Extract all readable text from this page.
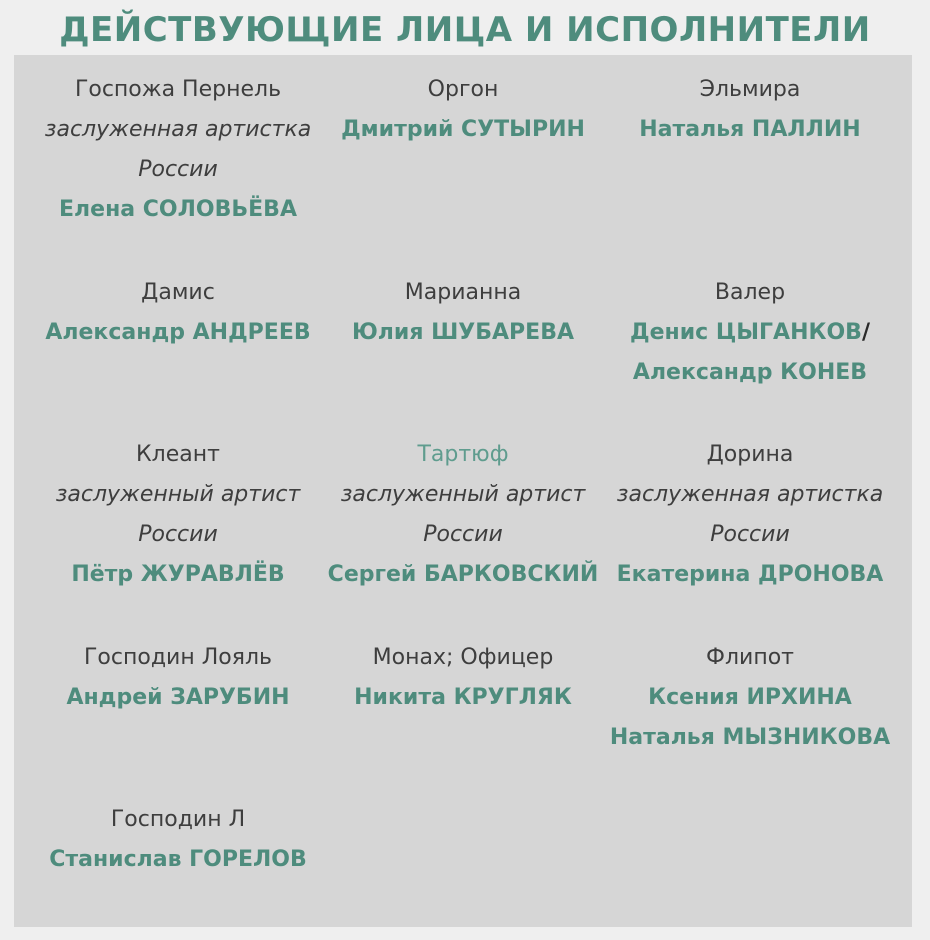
ДЕЙСТВУЮЩИЕ ЛИЦА И ИСПОЛНИТЕЛИ
Госпожа Пернель
заслуженная артистка
России
Елена СОЛОВЬЁВА
Оргон
Дмитрий СУТЫРИН
Эльмира
Наталья ПАЛЛИН
Дамис
Александр АНДРЕЕВ
Марианна
Юлия ШУБАРЕВА
Валер
Денис ЦЫГАНКОВ/
Александр КОНЕВ
Клеант
заслуженный артист
России
Пётр ЖУРАВЛЁВ
Тартюф
заслуженный артист
России
Сергей БАРКОВСКИЙ
Дорина
заслуженная артистка
России
Екатерина ДРОНОВА
Господин Лояль
Андрей ЗАРУБИН
Монах; Офицер
Никита КРУГЛЯК
Флипот
Ксения ИРХИНА
Наталья МЫЗНИКОВА
Господин Л
Станислав ГОРЕЛОВ
